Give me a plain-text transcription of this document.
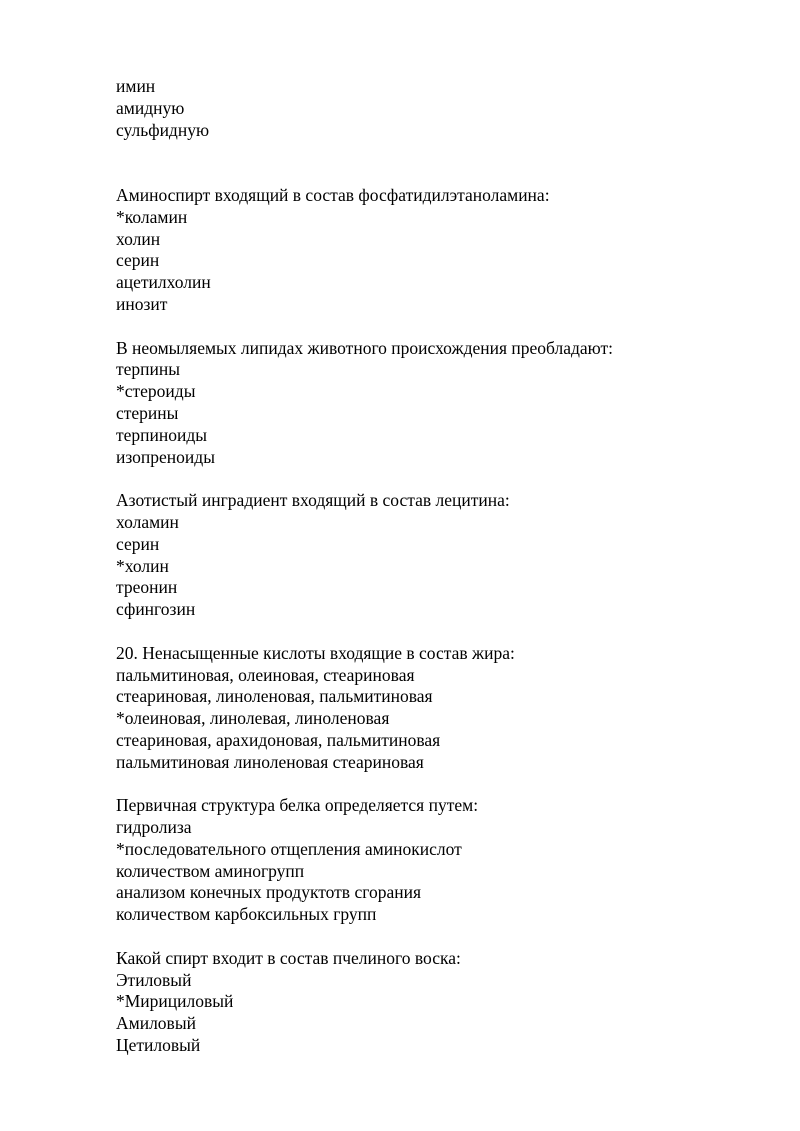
имин
амидную
сульфидную
Аминоспирт входящий в состав фосфатидилэтаноламина:
*коламин
холин
серин
ацетилхолин
инозит
В неомыляемых липидах животного происхождения преобладают:
терпины
*стероиды
стерины
терпиноиды
изопреноиды
Азотистый инградиент входящий в состав лецитина:
холамин
серин
*холин
треонин
сфингозин
20. Ненасыщенные кислоты входящие в состав жира:
пальмитиновая, олеиновая, стеариновая
стеариновая, линоленовая, пальмитиновая
*олеиновая, линолевая, линоленовая
стеариновая, арахидоновая, пальмитиновая
пальмитиновая линоленовая стеариновая
Первичная структура белка определяется путем:
гидролиза
*последовательного отщепления аминокислот
количеством аминогрупп
анализом конечных продуктотв сгорания
количеством карбоксильных групп
Какой спирт входит в состав пчелиного воска:
Этиловый
*Мирициловый
Амиловый
Цетиловый
